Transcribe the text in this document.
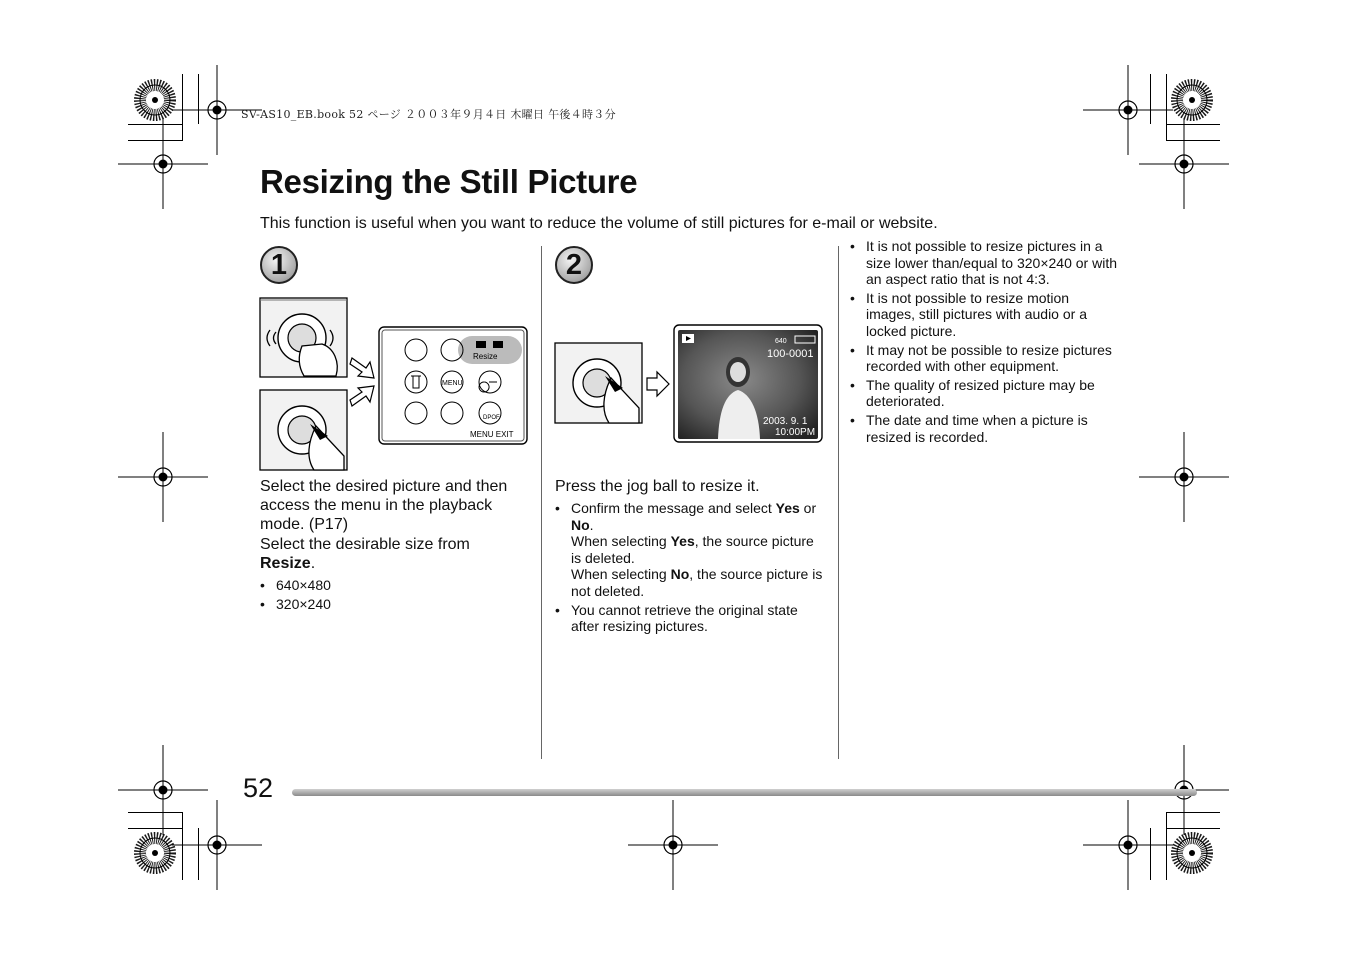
SV-AS10_EB.book 52 ページ ２００３年９月４日 木曜日 午後４時３分
Resizing the Still Picture
This function is useful when you want to reduce the volume of still pictures for e-mail or website.
1
Resize
MENU
DPOF
MENU EXIT

Select the desired picture and then access the menu in the playback mode. (P17)

Select the desirable size from
Resize.

• 640×480
• 320×240
2
640
100-0001
2003. 9. 1
10:00PM

Press the jog ball to resize it.

• Confirm the message and select Yes or No.
When selecting Yes, the source picture is deleted.
When selecting No, the source picture is not deleted.
• You cannot retrieve the original state after resizing pictures.
• It is not possible to resize pictures in a size lower than/equal to 320×240 or with an aspect ratio that is not 4:3.
• It is not possible to resize motion images, still pictures with audio or a locked picture.
• It may not be possible to resize pictures recorded with other equipment.
• The quality of resized picture may be deteriorated.
• The date and time when a picture is resized is recorded.
52
